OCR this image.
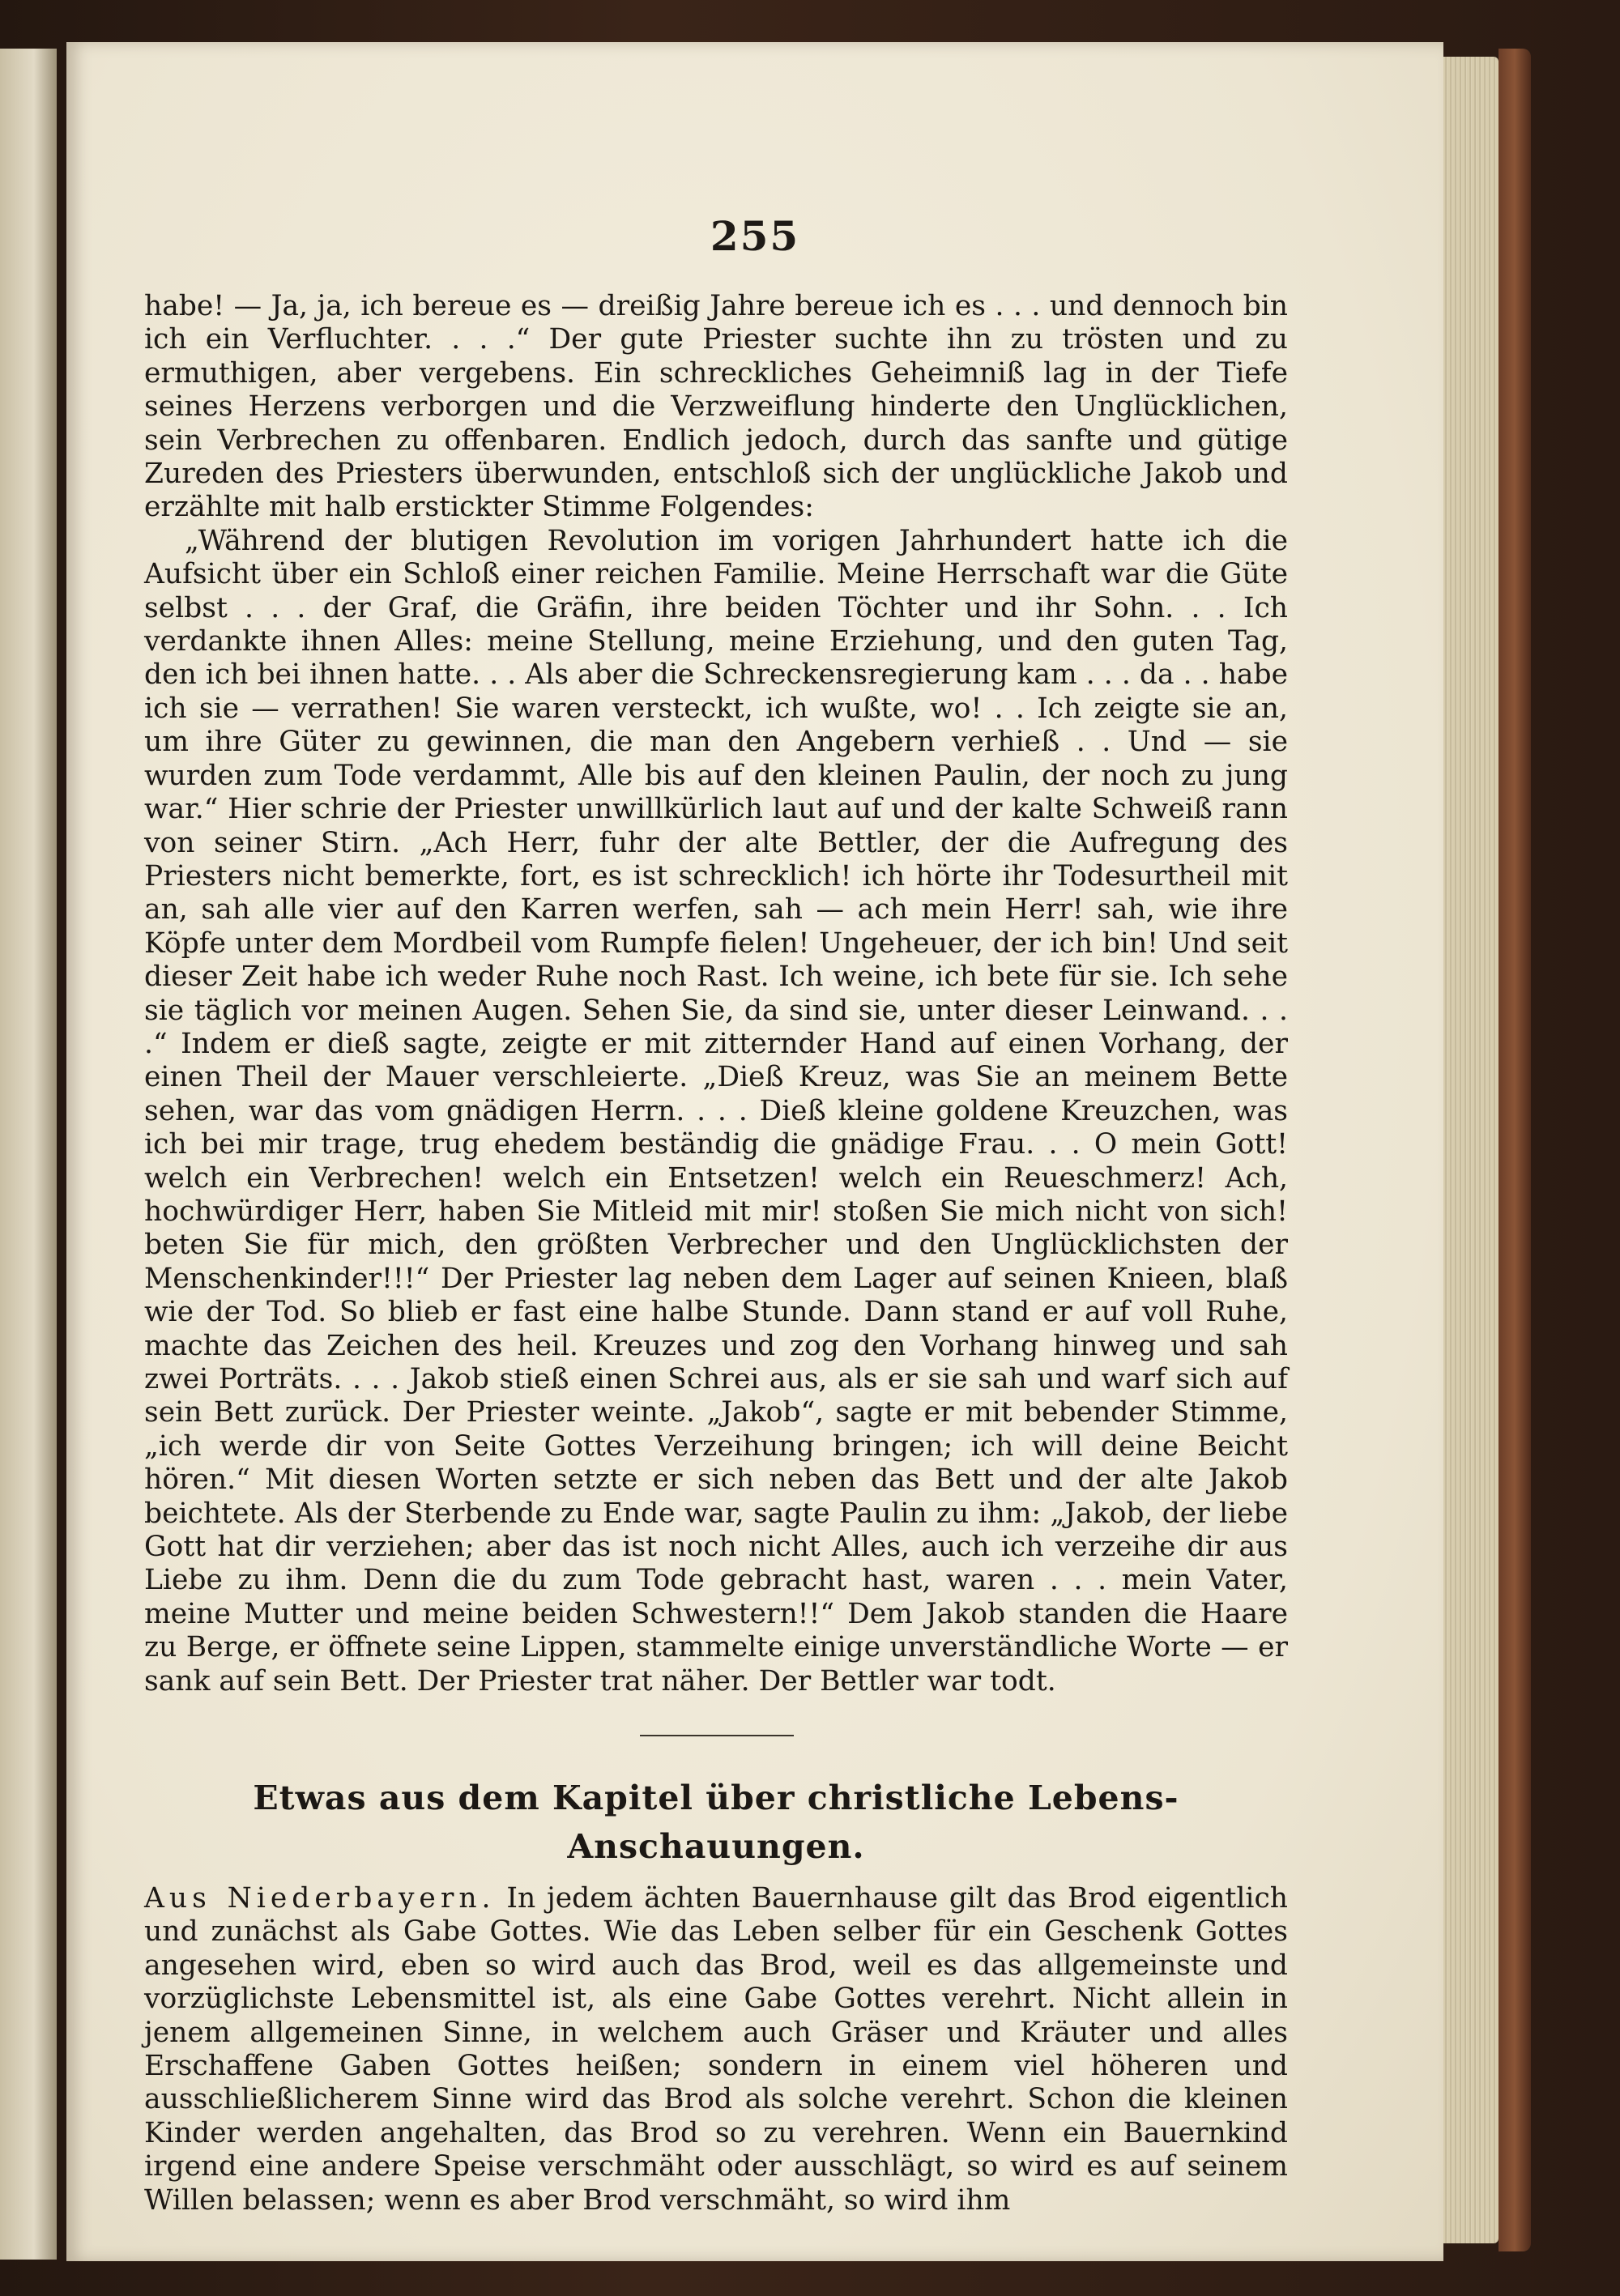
255

habe! — Ja, ja, ich bereue es — dreißig Jahre bereue ich es . . . und dennoch bin ich ein Verfluchter. . . .“ Der gute Priester suchte ihn zu trösten und zu ermuthigen, aber vergebens. Ein schreckliches Geheimniß lag in der Tiefe seines Herzens verborgen und die Verzweiflung hinderte den Unglücklichen, sein Verbrechen zu offenbaren. Endlich jedoch, durch das sanfte und gütige Zureden des Priesters überwunden, entschloß sich der unglückliche Jakob und erzählte mit halb erstickter Stimme Folgendes:

„Während der blutigen Revolution im vorigen Jahrhundert hatte ich die Aufsicht über ein Schloß einer reichen Familie. Meine Herrschaft war die Güte selbst . . . der Graf, die Gräfin, ihre beiden Töchter und ihr Sohn. . . Ich verdankte ihnen Alles: meine Stellung, meine Erziehung, und den guten Tag, den ich bei ihnen hatte. . . Als aber die Schreckensregierung kam . . . da . . habe ich sie — verrathen! Sie waren versteckt, ich wußte, wo! . . Ich zeigte sie an, um ihre Güter zu gewinnen, die man den Angebern verhieß . . Und — sie wurden zum Tode verdammt, Alle bis auf den kleinen Paulin, der noch zu jung war.“ Hier schrie der Priester unwillkürlich laut auf und der kalte Schweiß rann von seiner Stirn. „Ach Herr, fuhr der alte Bettler, der die Aufregung des Priesters nicht bemerkte, fort, es ist schrecklich! ich hörte ihr Todesurtheil mit an, sah alle vier auf den Karren werfen, sah — ach mein Herr! sah, wie ihre Köpfe unter dem Mordbeil vom Rumpfe fielen! Ungeheuer, der ich bin! Und seit dieser Zeit habe ich weder Ruhe noch Rast. Ich weine, ich bete für sie. Ich sehe sie täglich vor meinen Augen. Sehen Sie, da sind sie, unter dieser Leinwand. . . .“ Indem er dieß sagte, zeigte er mit zitternder Hand auf einen Vorhang, der einen Theil der Mauer verschleierte. „Dieß Kreuz, was Sie an meinem Bette sehen, war das vom gnädigen Herrn. . . . Dieß kleine goldene Kreuzchen, was ich bei mir trage, trug ehedem beständig die gnädige Frau. . . O mein Gott! welch ein Verbrechen! welch ein Entsetzen! welch ein Reueschmerz! Ach, hochwürdiger Herr, haben Sie Mitleid mit mir! stoßen Sie mich nicht von sich! beten Sie für mich, den größten Verbrecher und den Unglücklichsten der Menschenkinder!!!“ Der Priester lag neben dem Lager auf seinen Knieen, blaß wie der Tod. So blieb er fast eine halbe Stunde. Dann stand er auf voll Ruhe, machte das Zeichen des heil. Kreuzes und zog den Vorhang hinweg und sah zwei Porträts. . . . Jakob stieß einen Schrei aus, als er sie sah und warf sich auf sein Bett zurück. Der Priester weinte. „Jakob“, sagte er mit bebender Stimme, „ich werde dir von Seite Gottes Verzeihung bringen; ich will deine Beicht hören.“ Mit diesen Worten setzte er sich neben das Bett und der alte Jakob beichtete. Als der Sterbende zu Ende war, sagte Paulin zu ihm: „Jakob, der liebe Gott hat dir verziehen; aber das ist noch nicht Alles, auch ich verzeihe dir aus Liebe zu ihm. Denn die du zum Tode gebracht hast, waren . . . mein Vater, meine Mutter und meine beiden Schwestern!!“ Dem Jakob standen die Haare zu Berge, er öffnete seine Lippen, stammelte einige unverständliche Worte — er sank auf sein Bett. Der Priester trat näher. Der Bettler war todt.

Etwas aus dem Kapitel über christliche Lebens-Anschauungen.

Aus Niederbayern. In jedem ächten Bauernhause gilt das Brod eigentlich und zunächst als Gabe Gottes. Wie das Leben selber für ein Geschenk Gottes angesehen wird, eben so wird auch das Brod, weil es das allgemeinste und vorzüglichste Lebensmittel ist, als eine Gabe Gottes verehrt. Nicht allein in jenem allgemeinen Sinne, in welchem auch Gräser und Kräuter und alles Erschaffene Gaben Gottes heißen; sondern in einem viel höheren und ausschließlicherem Sinne wird das Brod als solche verehrt. Schon die kleinen Kinder werden angehalten, das Brod so zu verehren. Wenn ein Bauernkind irgend eine andere Speise verschmäht oder ausschlägt, so wird es auf seinem Willen belassen; wenn es aber Brod verschmäht, so wird ihm
